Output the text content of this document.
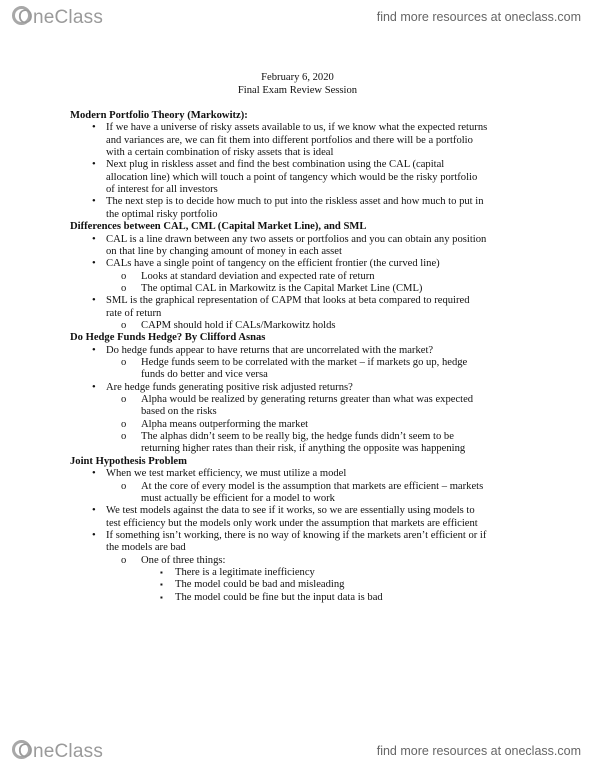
OneClass	find more resources at oneclass.com
February 6, 2020
Final Exam Review Session
Modern Portfolio Theory (Markowitz):
• If we have a universe of risky assets available to us, if we know what the expected returns
and variances are, we can fit them into different portfolios and there will be a portfolio
with a certain combination of risky assets that is ideal
• Next plug in riskless asset and find the best combination using the CAL (capital
allocation line) which will touch a point of tangency which would be the risky portfolio
of interest for all investors
• The next step is to decide how much to put into the riskless asset and how much to put in
the optimal risky portfolio
Differences between CAL, CML (Capital Market Line), and SML
• CAL is a line drawn between any two assets or portfolios and you can obtain any position
on that line by changing amount of money in each asset
• CALs have a single point of tangency on the efficient frontier (the curved line)
o	Looks at standard deviation and expected rate of return
o	The optimal CAL in Markowitz is the Capital Market Line (CML)
• SML is the graphical representation of CAPM that looks at beta compared to required
rate of return
o	CAPM should hold if CALs/Markowitz holds
Do Hedge Funds Hedge? By Clifford Asnas
• Do hedge funds appear to have returns that are uncorrelated with the market?
o	Hedge funds seem to be correlated with the market – if markets go up, hedge
funds do better and vice versa
• Are hedge funds generating positive risk adjusted returns?
o	Alpha would be realized by generating returns greater than what was expected
based on the risks
o	Alpha means outperforming the market
o	The alphas didn’t seem to be really big, the hedge funds didn’t seem to be
returning higher rates than their risk, if anything the opposite was happening
Joint Hypothesis Problem
• When we test market efficiency, we must utilize a model
o	At the core of every model is the assumption that markets are efficient – markets
must actually be efficient for a model to work
• We test models against the data to see if it works, so we are essentially using models to
test efficiency but the models only work under the assumption that markets are efficient
• If something isn’t working, there is no way of knowing if the markets aren’t efficient or if
the models are bad
o	One of three things:
▪	There is a legitimate inefficiency
▪	The model could be bad and misleading
▪	The model could be fine but the input data is bad
OneClass	find more resources at oneclass.com
